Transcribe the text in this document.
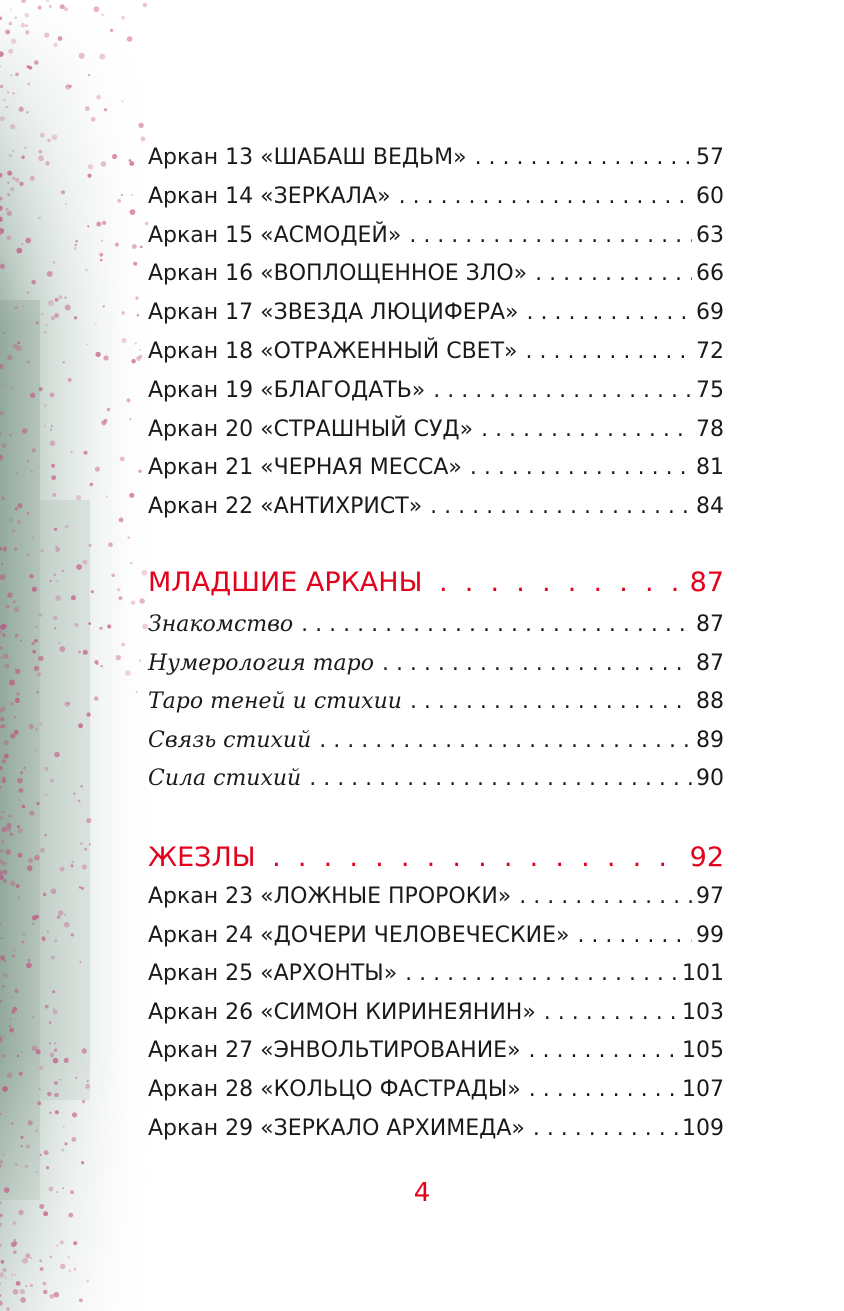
Аркан 13 «ШАБАШ ВЕДЬМ» . . .	57
Аркан 14 «ЗЕРКАЛА» . . .	60
Аркан 15 «АСМОДЕЙ» . . .	63
Аркан 16 «ВОПЛОЩЕННОЕ ЗЛО» . . .	66
Аркан 17 «ЗВЕЗДА ЛЮЦИФЕРА» . . .	69
Аркан 18 «ОТРАЖЕННЫЙ СВЕТ» . . .	72
Аркан 19 «БЛАГОДАТЬ» . . .	75
Аркан 20 «СТРАШНЫЙ СУД» . . .	78
Аркан 21 «ЧЕРНАЯ МЕССА» . . .	81
Аркан 22 «АНТИХРИСТ» . . .	84
МЛАДШИЕ АРКАНЫ . .	87
Знакомство . . .	87
Нумерология таро . . .	87
Таро теней и стихии . . .	88
Связь стихий . . .	89
Сила стихий . . .	90
ЖЕЗЛЫ . .	92
Аркан 23 «ЛОЖНЫЕ ПРОРОКИ» . . .	97
Аркан 24 «ДОЧЕРИ ЧЕЛОВЕЧЕСКИЕ» . . .	99
Аркан 25 «АРХОНТЫ» . . .	101
Аркан 26 «СИМОН КИРИНЕЯНИН» . . .	103
Аркан 27 «ЭНВОЛЬТИРОВАНИЕ» . . .	105
Аркан 28 «КОЛЬЦО ФАСТРАДЫ» . . .	107
Аркан 29 «ЗЕРКАЛО АРХИМЕДА» . . .	109
4
